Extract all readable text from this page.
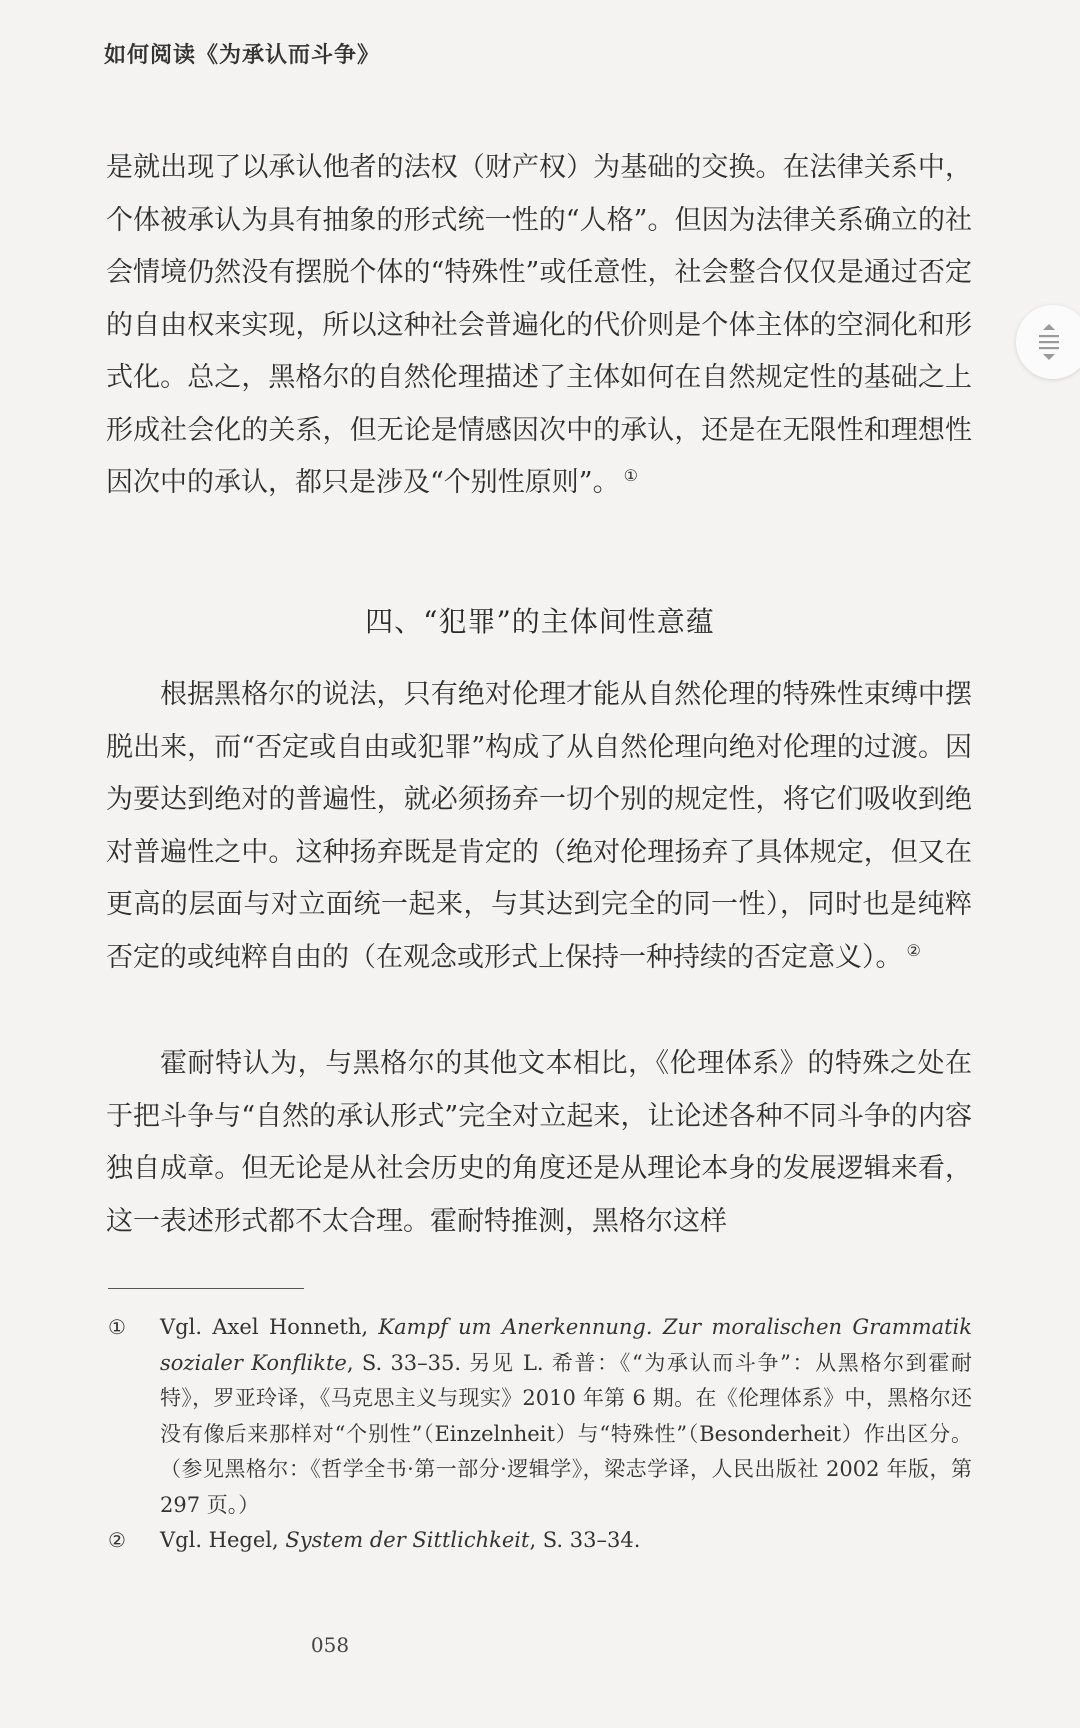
如何阅读《为承认而斗争》
是就出现了以承认他者的法权（财产权）为基础的交换。在法律关系中，个体被承认为具有抽象的形式统一性的“人格”。但因为法律关系确立的社会情境仍然没有摆脱个体的“特殊性”或任意性，社会整合仅仅是通过否定的自由权来实现，所以这种社会普遍化的代价则是个体主体的空洞化和形式化。总之，黑格尔的自然伦理描述了主体如何在自然规定性的基础之上形成社会化的关系，但无论是情感因次中的承认，还是在无限性和理想性因次中的承认，都只是涉及“个别性原则”。 ①
四、“犯罪”的主体间性意蕴
根据黑格尔的说法，只有绝对伦理才能从自然伦理的特殊性束缚中摆脱出来，而“否定或自由或犯罪”构成了从自然伦理向绝对伦理的过渡。因为要达到绝对的普遍性，就必须扬弃一切个别的规定性，将它们吸收到绝对普遍性之中。这种扬弃既是肯定的（绝对伦理扬弃了具体规定，但又在更高的层面与对立面统一起来，与其达到完全的同一性），同时也是纯粹否定的或纯粹自由的（在观念或形式上保持一种持续的否定意义）。 ②
霍耐特认为，与黑格尔的其他文本相比，《伦理体系》的特殊之处在于把斗争与“自然的承认形式”完全对立起来，让论述各种不同斗争的内容独自成章。但无论是从社会历史的角度还是从理论本身的发展逻辑来看，这一表述形式都不太合理。霍耐特推测，黑格尔这样
①	Vgl. Axel Honneth, Kampf um Anerkennung. Zur moralischen Grammatik sozialer Konflikte, S. 33–35. 另见 L. 希普：《“为承认而斗争”：从黑格尔到霍耐特》，罗亚玲译，《马克思主义与现实》2010 年第 6 期。在《伦理体系》中，黑格尔还没有像后来那样对“个别性”（Einzelnheit）与“特殊性”（Besonderheit）作出区分。（参见黑格尔：《哲学全书·第一部分·逻辑学》，梁志学译，人民出版社 2002 年版，第 297 页。）
②	Vgl. Hegel, System der Sittlichkeit, S. 33–34.
058
